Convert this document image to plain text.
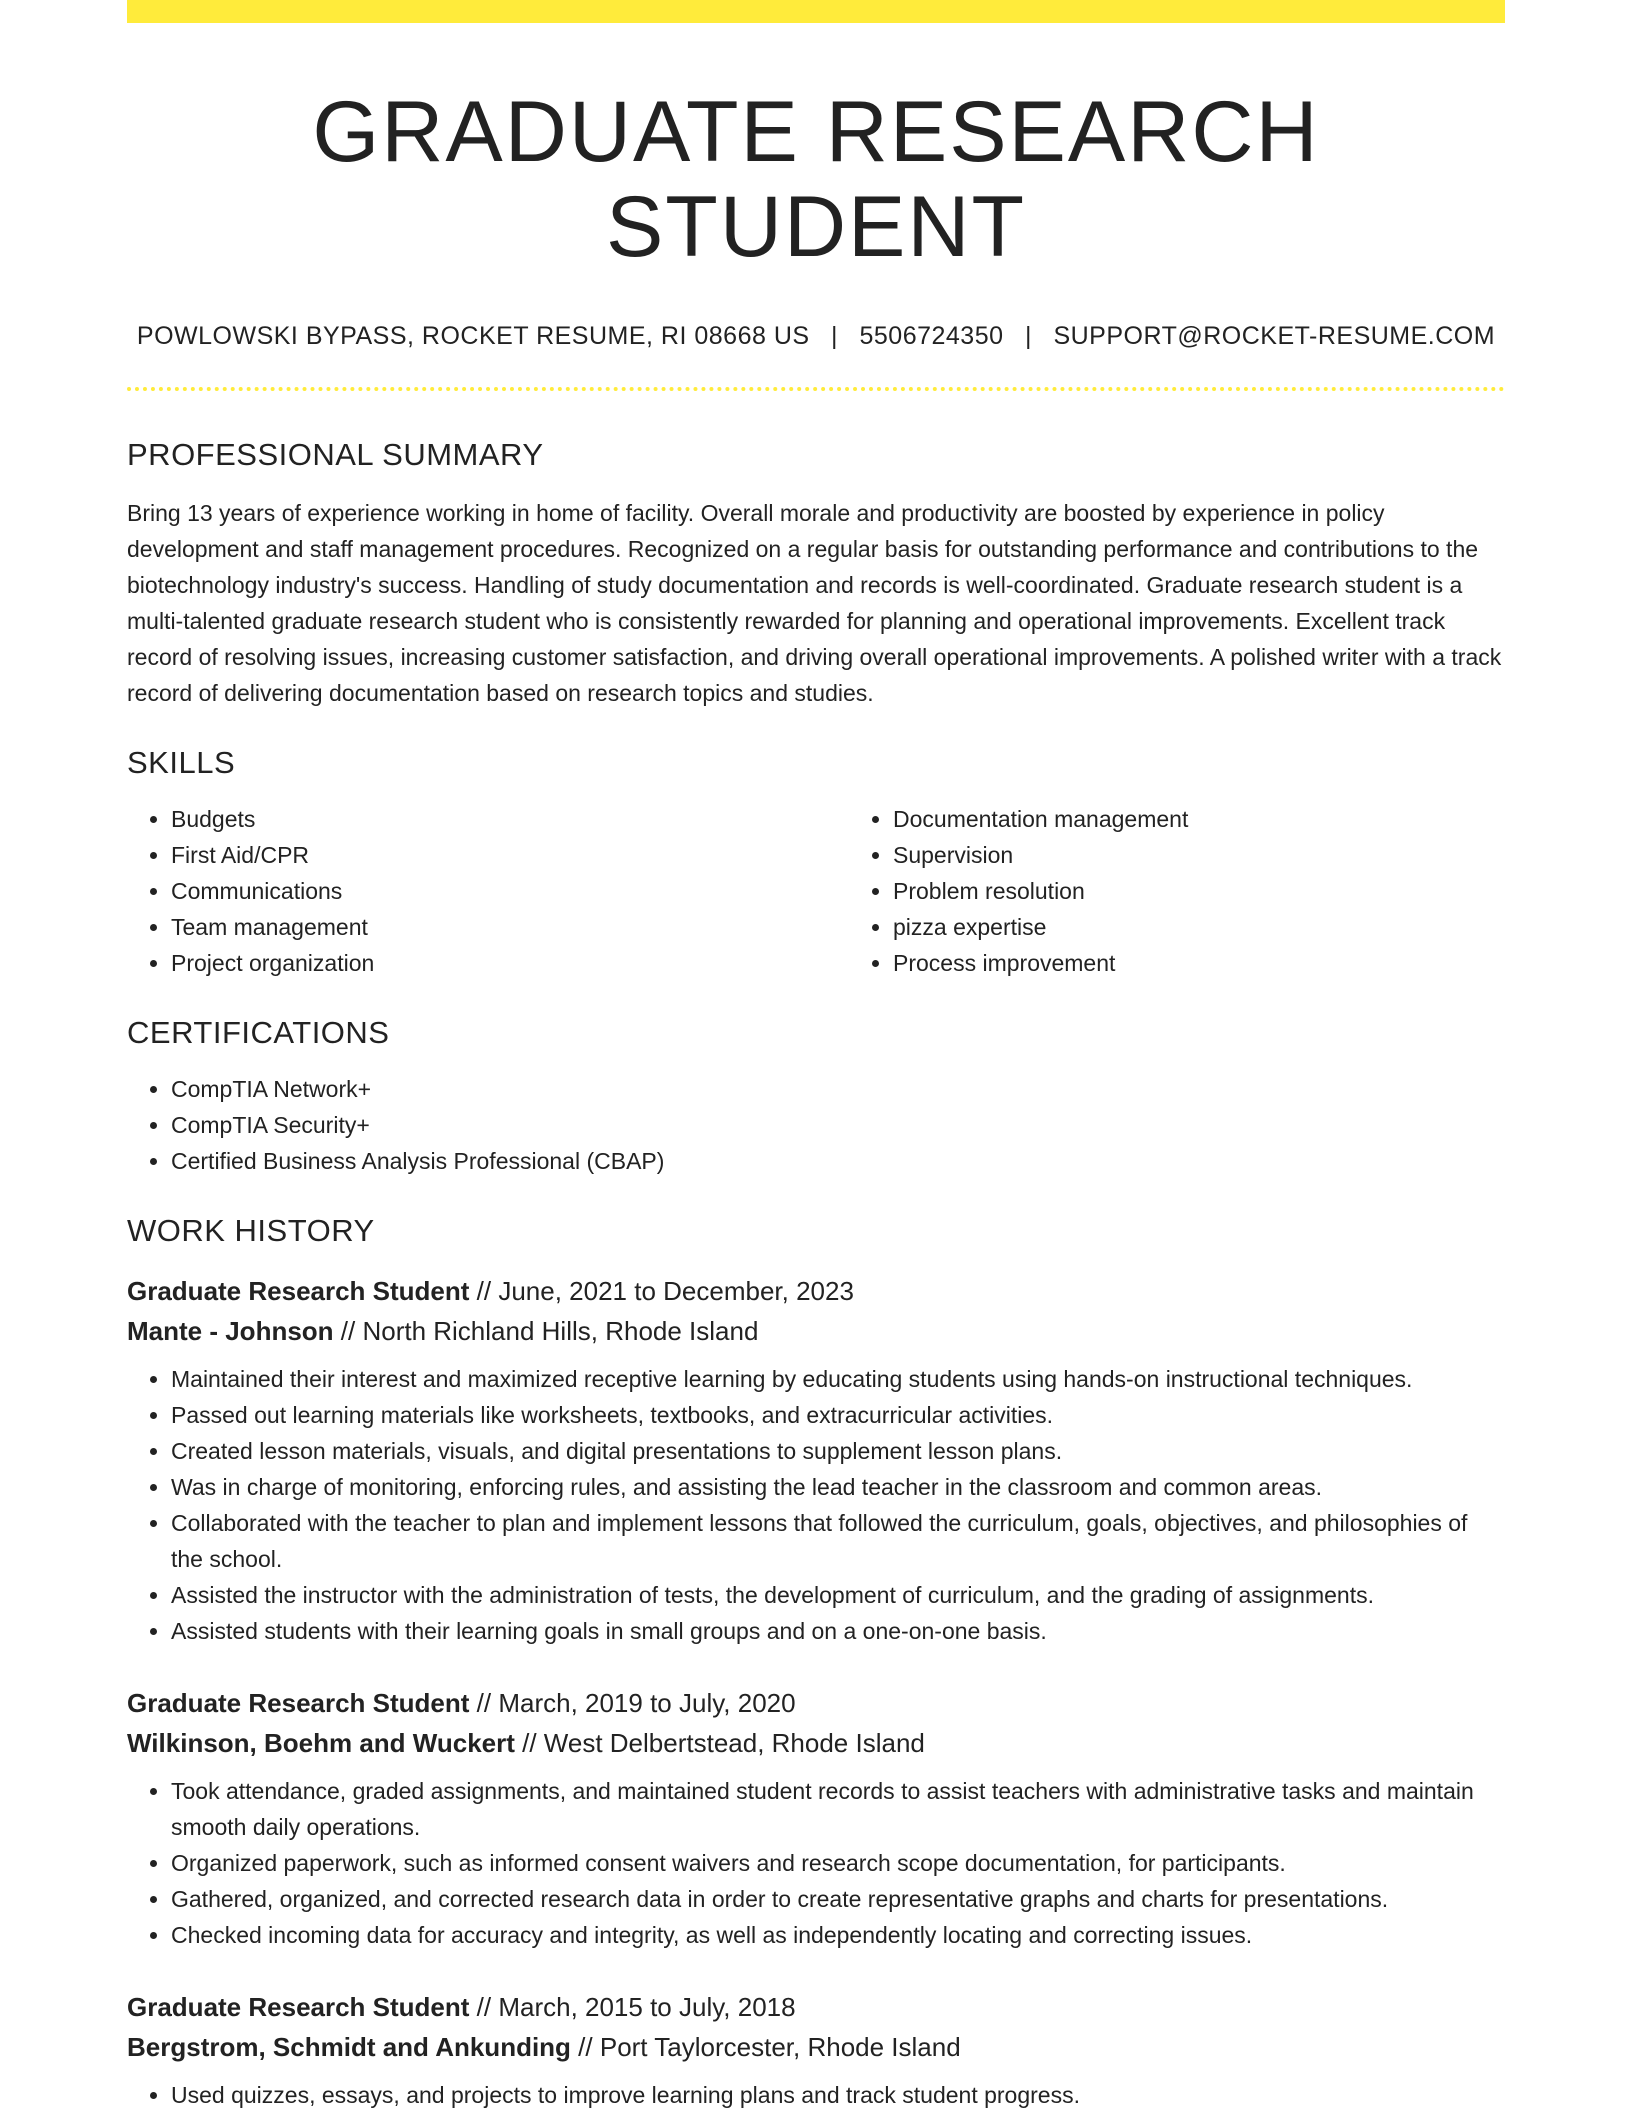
GRADUATE RESEARCH STUDENT
POWLOWSKI BYPASS, ROCKET RESUME, RI 08668 US | 5506724350 | SUPPORT@ROCKET-RESUME.COM
PROFESSIONAL SUMMARY
Bring 13 years of experience working in home of facility. Overall morale and productivity are boosted by experience in policy development and staff management procedures. Recognized on a regular basis for outstanding performance and contributions to the biotechnology industry's success. Handling of study documentation and records is well-coordinated. Graduate research student is a multi-talented graduate research student who is consistently rewarded for planning and operational improvements. Excellent track record of resolving issues, increasing customer satisfaction, and driving overall operational improvements. A polished writer with a track record of delivering documentation based on research topics and studies.
SKILLS
• Budgets
• First Aid/CPR
• Communications
• Team management
• Project organization
• Documentation management
• Supervision
• Problem resolution
• pizza expertise
• Process improvement
CERTIFICATIONS
• CompTIA Network+
• CompTIA Security+
• Certified Business Analysis Professional (CBAP)
WORK HISTORY
Graduate Research Student // June, 2021 to December, 2023
Mante - Johnson // North Richland Hills, Rhode Island
• Maintained their interest and maximized receptive learning by educating students using hands-on instructional techniques.
• Passed out learning materials like worksheets, textbooks, and extracurricular activities.
• Created lesson materials, visuals, and digital presentations to supplement lesson plans.
• Was in charge of monitoring, enforcing rules, and assisting the lead teacher in the classroom and common areas.
• Collaborated with the teacher to plan and implement lessons that followed the curriculum, goals, objectives, and philosophies of the school.
• Assisted the instructor with the administration of tests, the development of curriculum, and the grading of assignments.
• Assisted students with their learning goals in small groups and on a one-on-one basis.
Graduate Research Student // March, 2019 to July, 2020
Wilkinson, Boehm and Wuckert // West Delbertstead, Rhode Island
• Took attendance, graded assignments, and maintained student records to assist teachers with administrative tasks and maintain smooth daily operations.
• Organized paperwork, such as informed consent waivers and research scope documentation, for participants.
• Gathered, organized, and corrected research data in order to create representative graphs and charts for presentations.
• Checked incoming data for accuracy and integrity, as well as independently locating and correcting issues.
Graduate Research Student // March, 2015 to July, 2018
Bergstrom, Schmidt and Ankunding // Port Taylorcester, Rhode Island
• Used quizzes, essays, and projects to improve learning plans and track student progress.
